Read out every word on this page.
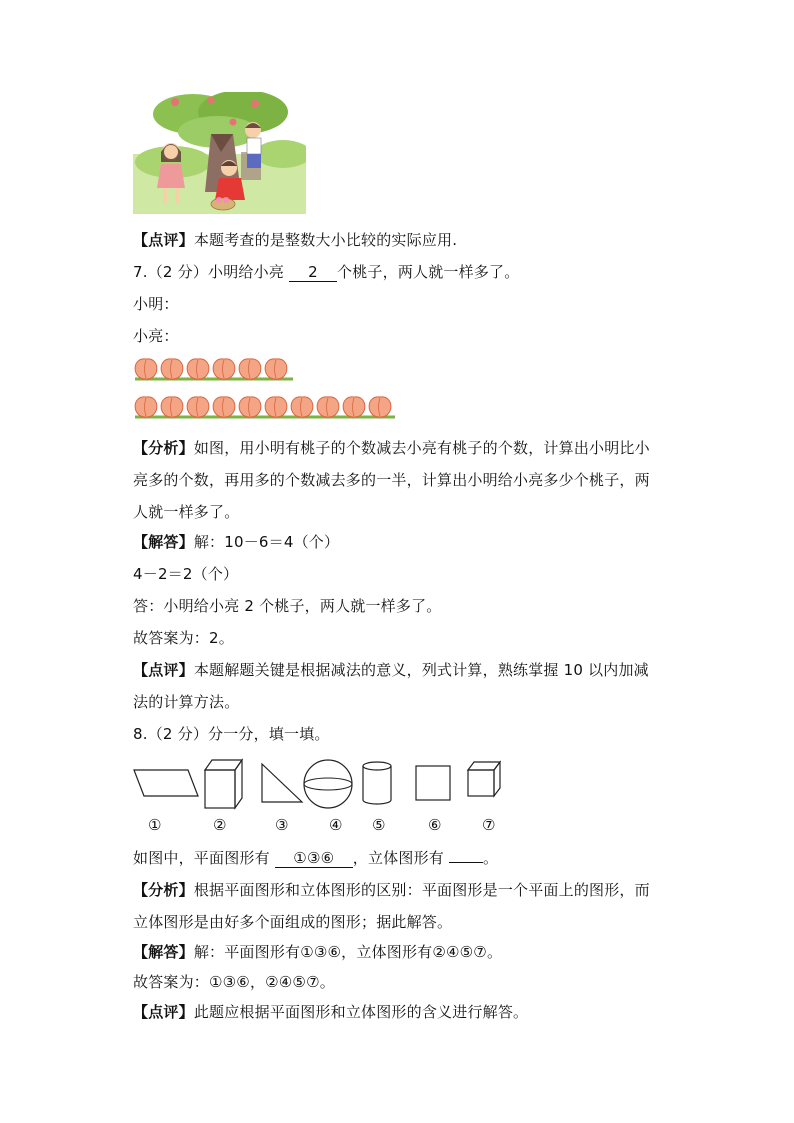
【点评】本题考查的是整数大小比较的实际应用.
7.（2 分）小明给小亮 2 个桃子，两人就一样多了。
小明：
小亮：
【分析】如图，用小明有桃子的个数减去小亮有桃子的个数，计算出小明比小
亮多的个数，再用多的个数减去多的一半，计算出小明给小亮多少个桃子，两
人就一样多了。
【解答】解：10－6＝4（个）
4－2＝2（个）
答：小明给小亮 2 个桃子，两人就一样多了。
故答案为：2。
【点评】本题解题关键是根据减法的意义，列式计算，熟练掌握 10 以内加减
法的计算方法。
8.（2 分）分一分，填一填。
①	②	③	④ ⑤	⑥	⑦
如图中，平面图形有 ①③⑥ ，立体图形有	。
【分析】根据平面图形和立体图形的区别：平面图形是一个平面上的图形，而
立体图形是由好多个面组成的图形；据此解答。
【解答】解：平面图形有①③⑥，立体图形有②④⑤⑦。
故答案为：①③⑥，②④⑤⑦。
【点评】此题应根据平面图形和立体图形的含义进行解答。
